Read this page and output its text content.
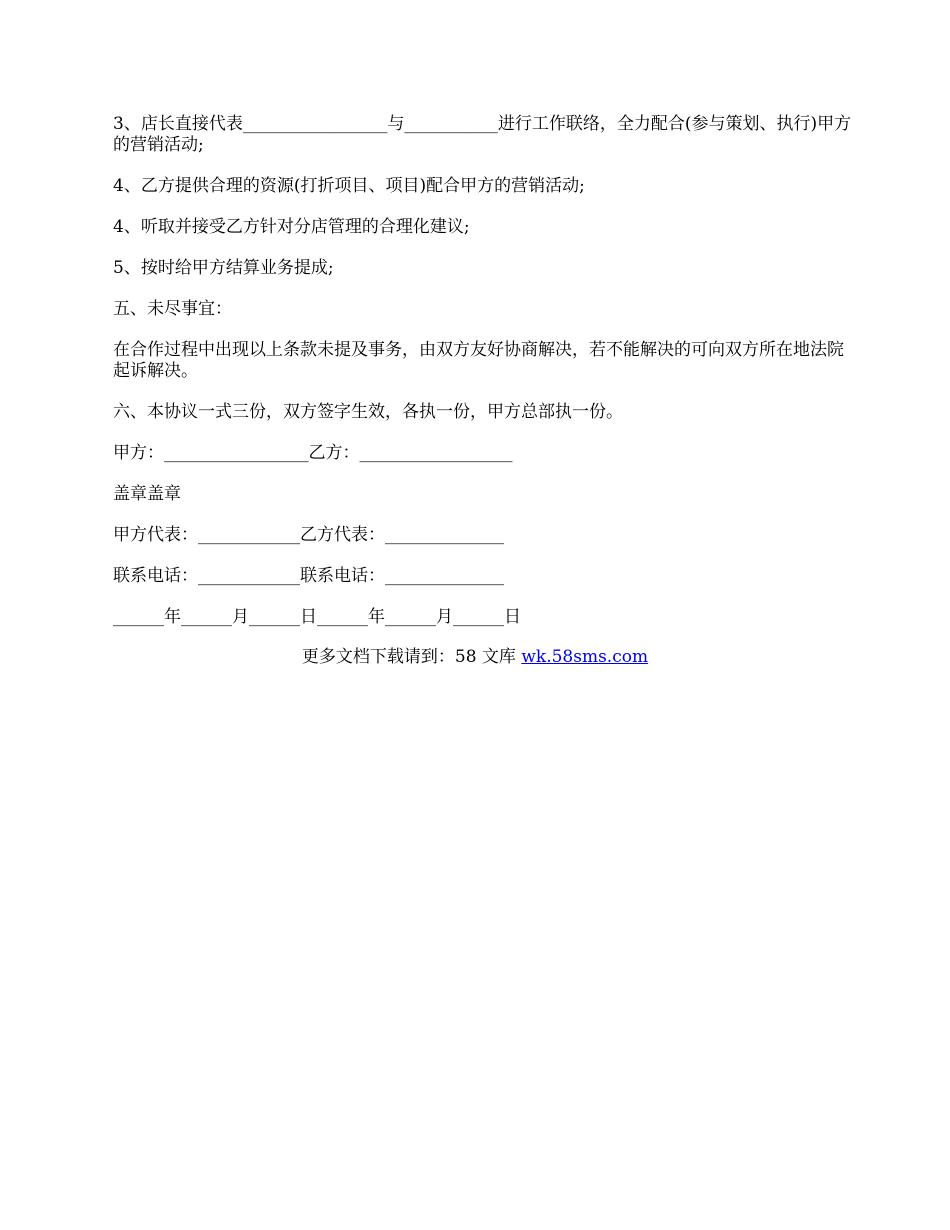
3、店长直接代表_________________与___________进行工作联络，全力配合(参与策划、执行)甲方的营销活动;

4、乙方提供合理的资源(打折项目、项目)配合甲方的营销活动;

4、听取并接受乙方针对分店管理的合理化建议;

5、按时给甲方结算业务提成;

五、未尽事宜：

在合作过程中出现以上条款未提及事务，由双方友好协商解决，若不能解决的可向双方所在地法院起诉解决。

六、本协议一式三份，双方签字生效，各执一份，甲方总部执一份。

甲方：_________________乙方：__________________

盖章盖章

甲方代表：____________乙方代表：______________

联系电话：____________联系电话：______________

______年______月______日______年______月______日

更多文档下载请到：58 文库 wk.58sms.com
